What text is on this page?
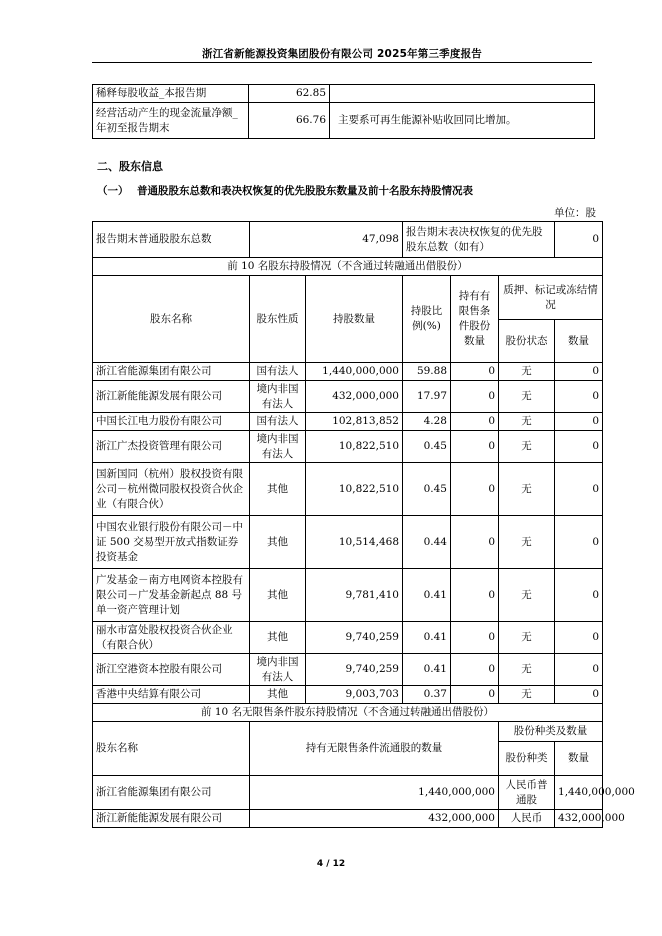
浙江省新能源投资集团股份有限公司 2025年第三季度报告
稀释每股收益_本报告期	62.85	
经营活动产生的现金流量净额_年初至报告期末	66.76	主要系可再生能源补贴收回同比增加。
二、股东信息
（一） 普通股股东总数和表决权恢复的优先股股东数量及前十名股东持股情况表
单位：股
报告期末普通股股东总数	47,098		报告期末表决权恢复的优先股股东总数（如有）			0
前 10 名股东持股情况（不含通过转融通出借股份）						
股东名称	股东性质	持股数量	持股比例(%)	持有有限售条件股份数量	质押、标记或冻结情况	
					股份状态	数量
浙江省能源集团有限公司	国有法人	1,440,000,000	59.88	0	无	0
浙江新能能源发展有限公司	境内非国有法人	432,000,000	17.97	0	无	0
中国长江电力股份有限公司	国有法人	102,813,852	4.28	0	无	0
浙江广杰投资管理有限公司	境内非国有法人	10,822,510	0.45	0	无	0
国新国同（杭州）股权投资有限公司－杭州微同股权投资合伙企业（有限合伙）	其他	10,822,510	0.45	0	无	0
中国农业银行股份有限公司－中证 500 交易型开放式指数证券投资基金	其他	10,514,468	0.44	0	无	0
广发基金－南方电网资本控股有限公司－广发基金新起点 88 号单一资产管理计划	其他	9,781,410	0.41	0	无	0
丽水市富处股权投资合伙企业（有限合伙）	其他	9,740,259	0.41	0	无	0
浙江空港资本控股有限公司	境内非国有法人	9,740,259	0.41	0	无	0
香港中央结算有限公司	其他	9,003,703	0.37	0	无	0
前 10 名无限售条件股东持股情况（不含通过转融通出借股份）						
股东名称	持有无限售条件流通股的数量				股份种类及数量	
					股份种类	数量
浙江省能源集团有限公司	1,440,000,000				人民币普通股	1,440,000,000
浙江新能能源发展有限公司	432,000,000				人民币	432,000,000
4 / 12
